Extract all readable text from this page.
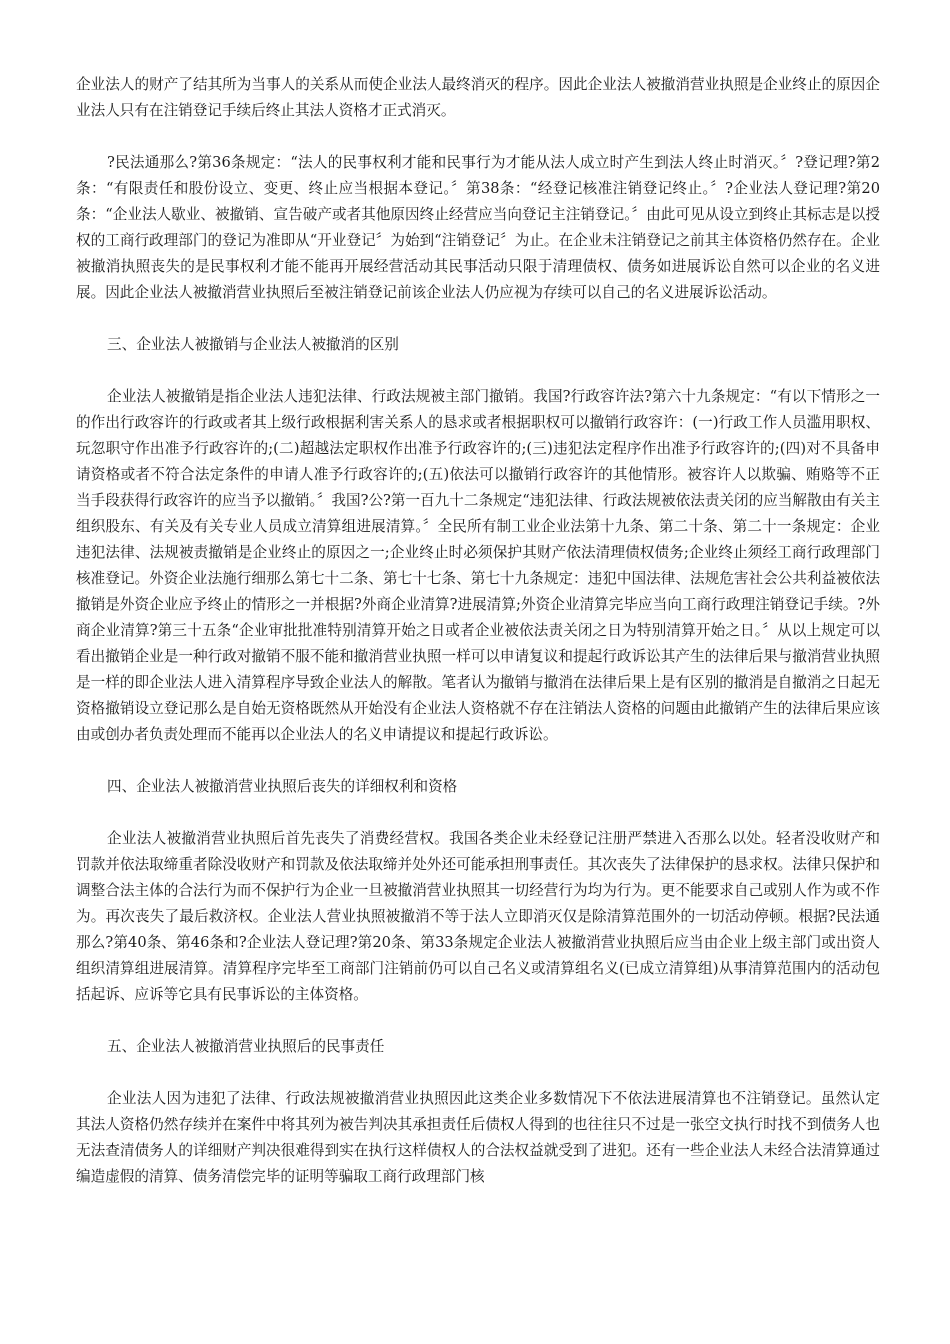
企业法人的财产了结其所为当事人的关系从而使企业法人最终消灭的程序。因此企业法人被撤消营业执照是企业终止的原因企业法人只有在注销登记手续后终止其法人资格才正式消灭。

?民法通那么?第36条规定：“法人的民事权利才能和民事行为才能从法人成立时产生到法人终止时消灭。〞?登记理?第2条：“有限责任和股份设立、变更、终止应当根据本登记。〞第38条：“经登记核准注销登记终止。〞?企业法人登记理?第20条：“企业法人歇业、被撤销、宣告破产或者其他原因终止经营应当向登记主注销登记。〞由此可见从设立到终止其标志是以授权的工商行政理部门的登记为准即从“开业登记〞为始到“注销登记〞为止。在企业未注销登记之前其主体资格仍然存在。企业被撤消执照丧失的是民事权利才能不能再开展经营活动其民事活动只限于清理债权、债务如进展诉讼自然可以企业的名义进展。因此企业法人被撤消营业执照后至被注销登记前该企业法人仍应视为存续可以自己的名义进展诉讼活动。

三、企业法人被撤销与企业法人被撤消的区别

企业法人被撤销是指企业法人违犯法律、行政法规被主部门撤销。我国?行政容许法?第六十九条规定：“有以下情形之一的作出行政容许的行政或者其上级行政根据利害关系人的恳求或者根据职权可以撤销行政容许：(一)行政工作人员滥用职权、玩忽职守作出准予行政容许的;(二)超越法定职权作出准予行政容许的;(三)违犯法定程序作出准予行政容许的;(四)对不具备申请资格或者不符合法定条件的申请人准予行政容许的;(五)依法可以撤销行政容许的其他情形。被容许人以欺骗、贿赂等不正当手段获得行政容许的应当予以撤销。〞我国?公?第一百九十二条规定“违犯法律、行政法规被依法责关闭的应当解散由有关主组织股东、有关及有关专业人员成立清算组进展清算。〞全民所有制工业企业法第十九条、第二十条、第二十一条规定：企业违犯法律、法规被责撤销是企业终止的原因之一;企业终止时必须保护其财产依法清理债权债务;企业终止须经工商行政理部门核准登记。外资企业法施行细那么第七十二条、第七十七条、第七十九条规定：违犯中国法律、法规危害社会公共利益被依法撤销是外资企业应予终止的情形之一并根据?外商企业清算?进展清算;外资企业清算完毕应当向工商行政理注销登记手续。?外商企业清算?第三十五条“企业审批批准特别清算开始之日或者企业被依法责关闭之日为特别清算开始之日。〞从以上规定可以看出撤销企业是一种行政对撤销不服不能和撤消营业执照一样可以申请复议和提起行政诉讼其产生的法律后果与撤消营业执照是一样的即企业法人进入清算程序导致企业法人的解散。笔者认为撤销与撤消在法律后果上是有区别的撤消是自撤消之日起无资格撤销设立登记那么是自始无资格既然从开始没有企业法人资格就不存在注销法人资格的问题由此撤销产生的法律后果应该由或创办者负责处理而不能再以企业法人的名义申请提议和提起行政诉讼。

四、企业法人被撤消营业执照后丧失的详细权利和资格

企业法人被撤消营业执照后首先丧失了消费经营权。我国各类企业未经登记注册严禁进入否那么以处。轻者没收财产和罚款并依法取缔重者除没收财产和罚款及依法取缔并处外还可能承担刑事责任。其次丧失了法律保护的恳求权。法律只保护和调整合法主体的合法行为而不保护行为企业一旦被撤消营业执照其一切经营行为均为行为。更不能要求自己或别人作为或不作为。再次丧失了最后救济权。企业法人营业执照被撤消不等于法人立即消灭仅是除清算范围外的一切活动停顿。根据?民法通那么?第40条、第46条和?企业法人登记理?第20条、第33条规定企业法人被撤消营业执照后应当由企业上级主部门或出资人组织清算组进展清算。清算程序完毕至工商部门注销前仍可以自己名义或清算组名义(已成立清算组)从事清算范围内的活动包括起诉、应诉等它具有民事诉讼的主体资格。

五、企业法人被撤消营业执照后的民事责任

企业法人因为违犯了法律、行政法规被撤消营业执照因此这类企业多数情况下不依法进展清算也不注销登记。虽然认定其法人资格仍然存续并在案件中将其列为被告判决其承担责任后债权人得到的也往往只不过是一张空文执行时找不到债务人也无法查清债务人的详细财产判决很难得到实在执行这样债权人的合法权益就受到了进犯。还有一些企业法人未经合法清算通过编造虚假的清算、债务清偿完毕的证明等骗取工商行政理部门核
